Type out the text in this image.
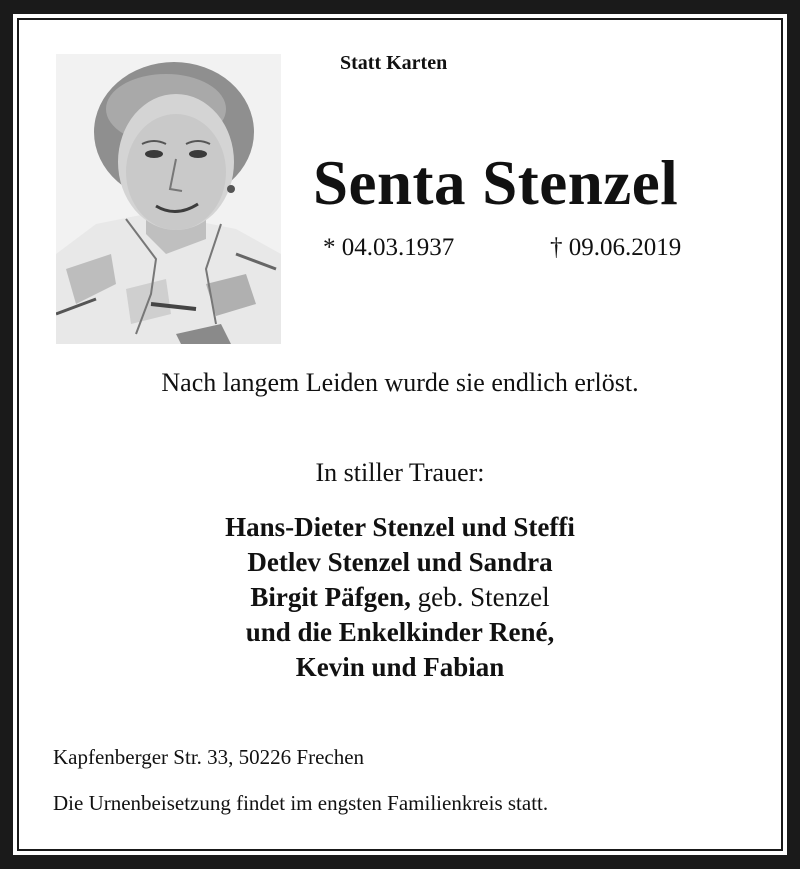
Statt Karten
Senta Stenzel
* 04.03.1937	† 09.06.2019
Nach langem Leiden wurde sie endlich erlöst.
In stiller Trauer:
Hans-Dieter Stenzel und Steffi
Detlev Stenzel und Sandra
Birgit Päfgen, geb. Stenzel
und die Enkelkinder René,
Kevin und Fabian
Kapfenberger Str. 33, 50226 Frechen
Die Urnenbeisetzung findet im engsten Familienkreis statt.
